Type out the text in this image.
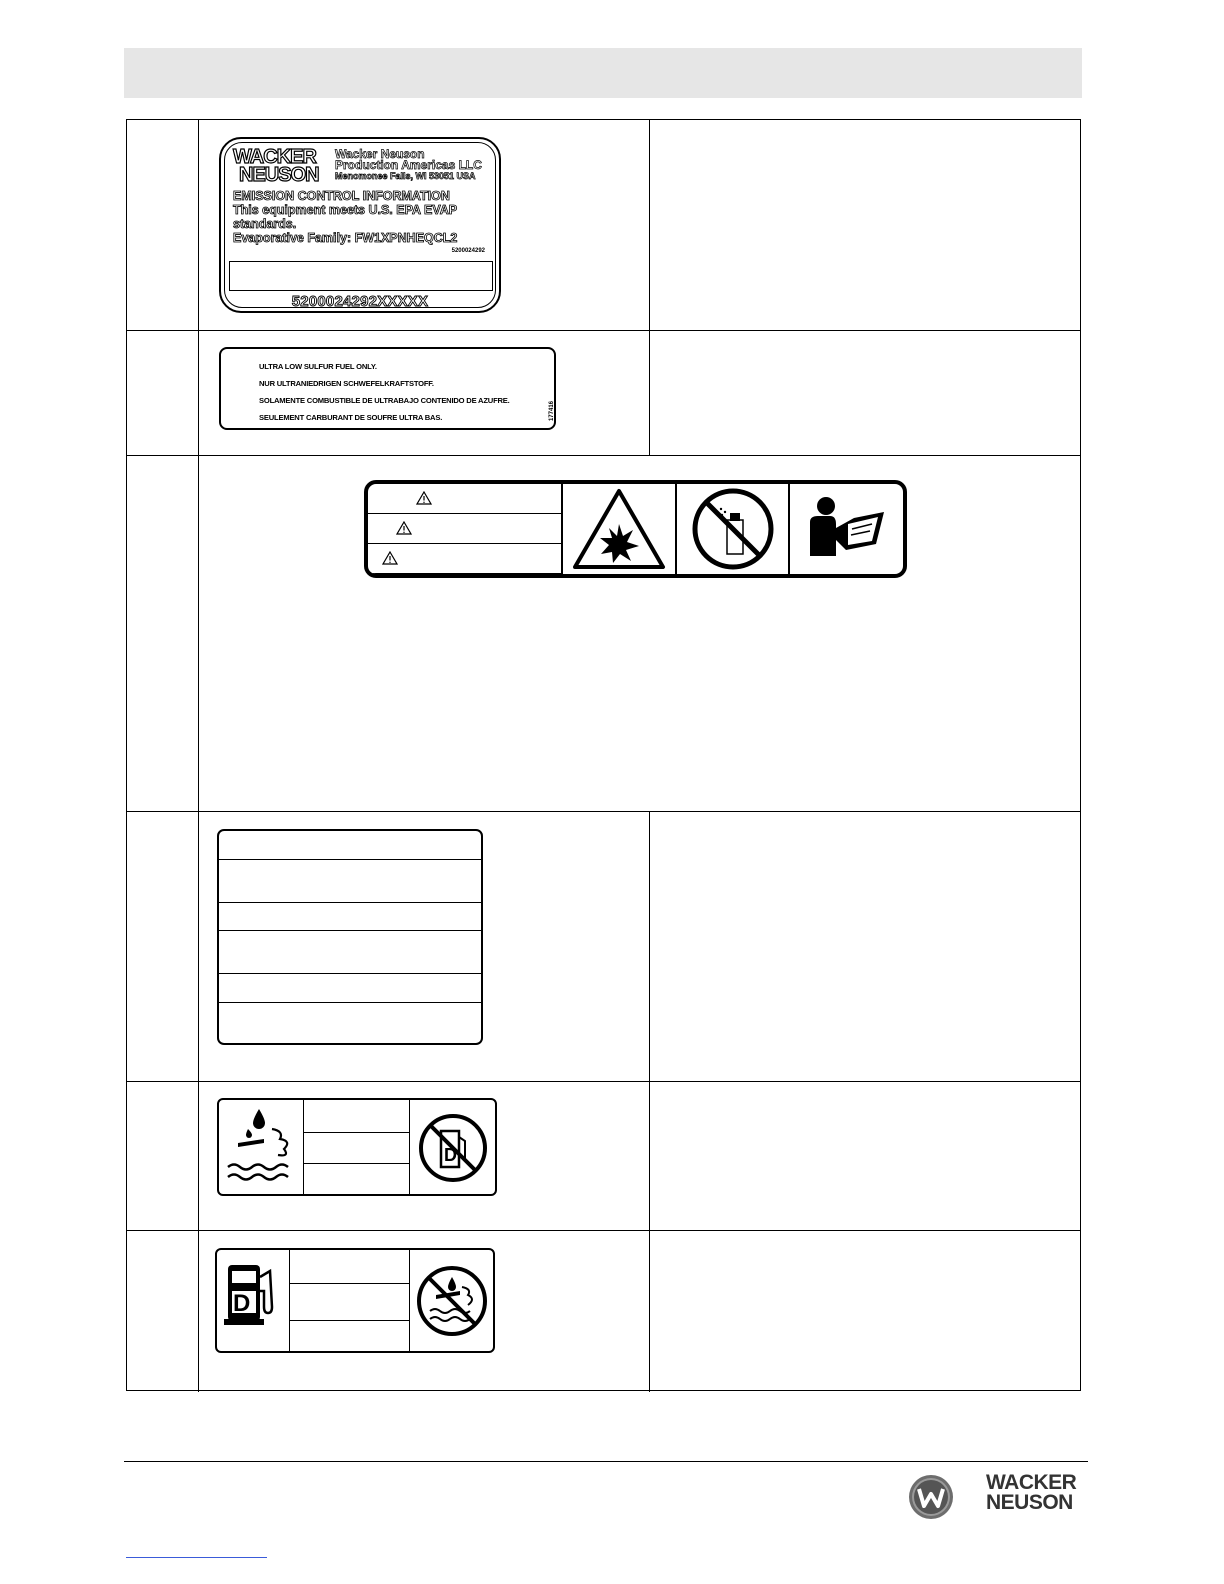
WACKER
NEUSON
Wacker Neuson
Production Americas LLC
Menomonee Falls, WI 53051 USA
EMISSION CONTROL INFORMATION
This equipment meets U.S. EPA EVAP
standards.
Evaporative Family: FW1XPNHEQCL2
5200024292
5200024292XXXXX
ULTRA LOW SULFUR FUEL ONLY.
NUR ULTRANIEDRIGEN SCHWEFELKRAFTSTOFF.
SOLAMENTE COMBUSTIBLE DE ULTRABAJO CONTENIDO DE AZUFRE.
SEULEMENT CARBURANT DE SOUFRE ULTRA BAS.	177416
D
D
WACKER
NEUSON
